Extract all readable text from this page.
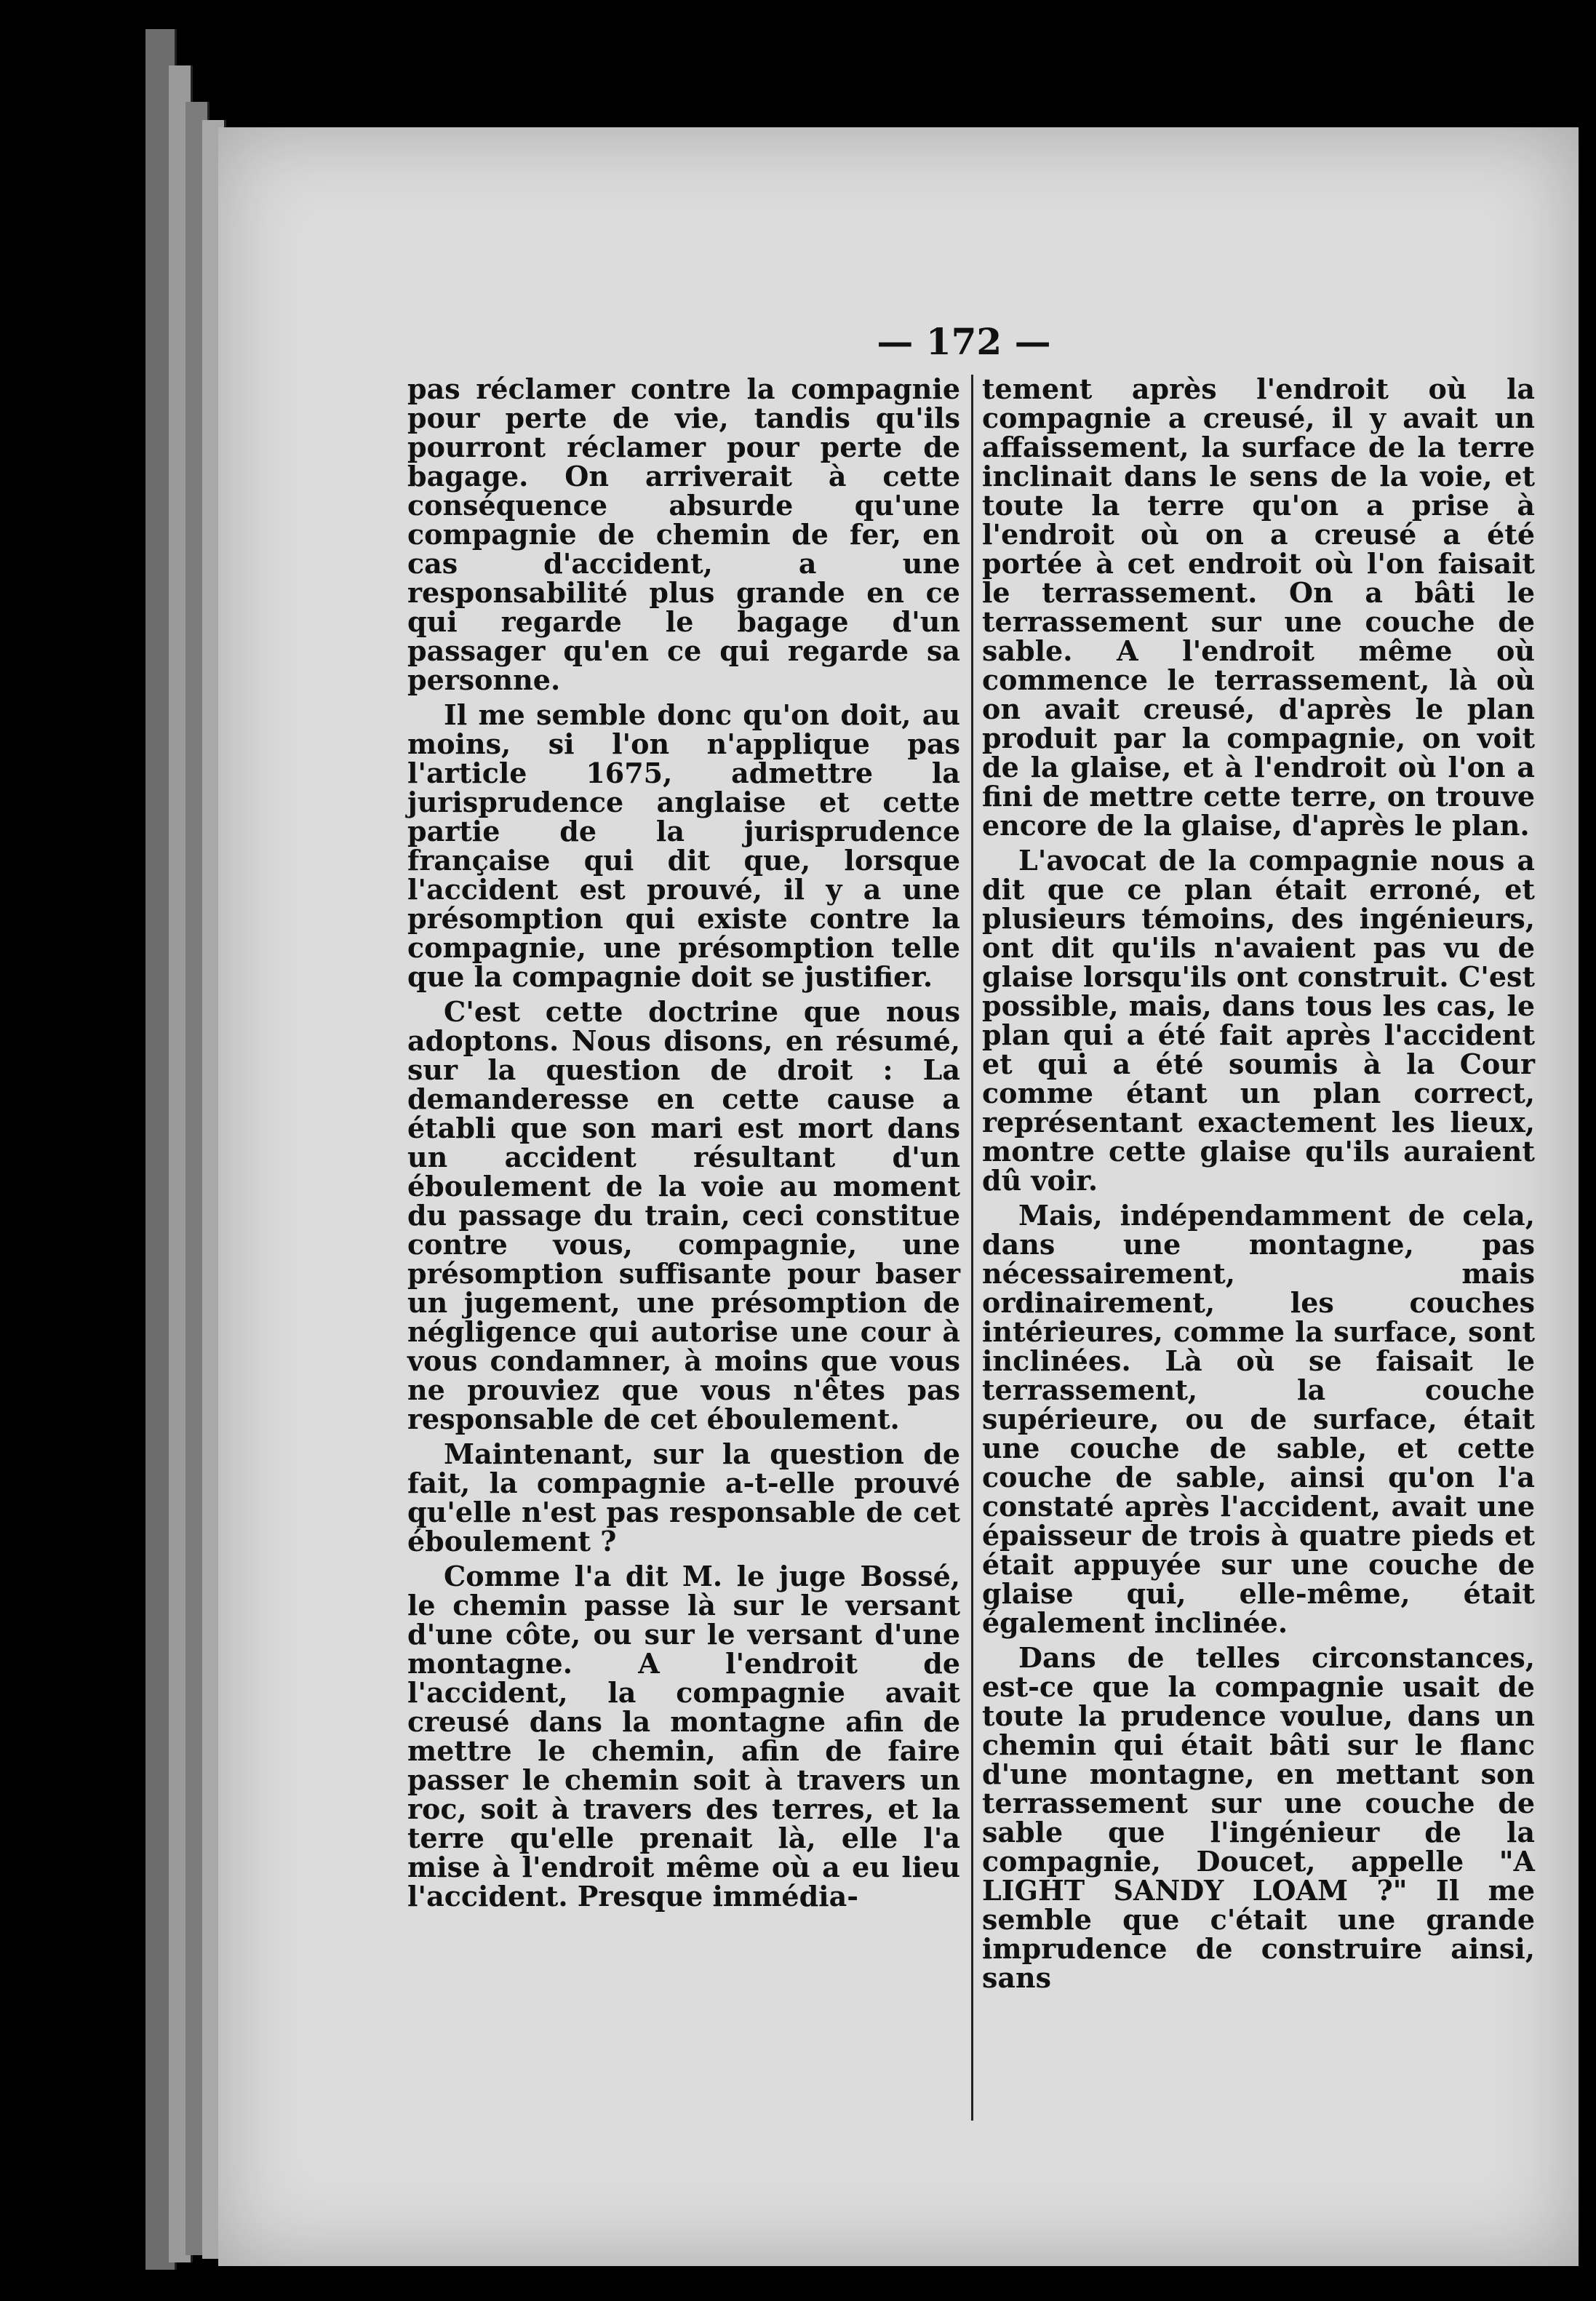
— 172 —

pas réclamer contre la compagnie pour perte de vie, tandis qu'ils pourront réclamer pour perte de bagage. On arriverait à cette conséquence absurde qu'une compagnie de chemin de fer, en cas d'accident, a une responsabilité plus grande en ce qui regarde le bagage d'un passager qu'en ce qui regarde sa personne.

Il me semble donc qu'on doit, au moins, si l'on n'applique pas l'article 1675, admettre la jurisprudence anglaise et cette partie de la jurisprudence française qui dit que, lorsque l'accident est prouvé, il y a une présomption qui existe contre la compagnie, une présomption telle que la compagnie doit se justifier.

C'est cette doctrine que nous adoptons. Nous disons, en résumé, sur la question de droit : La demanderesse en cette cause a établi que son mari est mort dans un accident résultant d'un éboulement de la voie au moment du passage du train, ceci constitue contre vous, compagnie, une présomption suffisante pour baser un jugement, une présomption de négligence qui autorise une cour à vous condamner, à moins que vous ne prouviez que vous n'êtes pas responsable de cet éboulement.

Maintenant, sur la question de fait, la compagnie a-t-elle prouvé qu'elle n'est pas responsable de cet éboulement ?

Comme l'a dit M. le juge Bossé, le chemin passe là sur le versant d'une côte, ou sur le versant d'une montagne. A l'endroit de l'accident, la compagnie avait creusé dans la montagne afin de mettre le chemin, afin de faire passer le chemin soit à travers un roc, soit à travers des terres, et la terre qu'elle prenait là, elle l'a mise à l'endroit même où a eu lieu l'accident. Presque immédia-

tement après l'endroit où la compagnie a creusé, il y avait un affaissement, la surface de la terre inclinait dans le sens de la voie, et toute la terre qu'on a prise à l'endroit où on a creusé a été portée à cet endroit où l'on faisait le terrassement. On a bâti le terrassement sur une couche de sable. A l'endroit même où commence le terrassement, là où on avait creusé, d'après le plan produit par la compagnie, on voit de la glaise, et à l'endroit où l'on a fini de mettre cette terre, on trouve encore de la glaise, d'après le plan.

L'avocat de la compagnie nous a dit que ce plan était erroné, et plusieurs témoins, des ingénieurs, ont dit qu'ils n'avaient pas vu de glaise lorsqu'ils ont construit. C'est possible, mais, dans tous les cas, le plan qui a été fait après l'accident et qui a été soumis à la Cour comme étant un plan correct, représentant exactement les lieux, montre cette glaise qu'ils auraient dû voir.

Mais, indépendamment de cela, dans une montagne, pas nécessairement, mais ordinairement, les couches intérieures, comme la surface, sont inclinées. Là où se faisait le terrassement, la couche supérieure, ou de surface, était une couche de sable, et cette couche de sable, ainsi qu'on l'a constaté après l'accident, avait une épaisseur de trois à quatre pieds et était appuyée sur une couche de glaise qui, elle-même, était également inclinée.

Dans de telles circonstances, est-ce que la compagnie usait de toute la prudence voulue, dans un chemin qui était bâti sur le flanc d'une montagne, en mettant son terrassement sur une couche de sable que l'ingénieur de la compagnie, Doucet, appelle "A LIGHT SANDY LOAM ?" Il me semble que c'était une grande imprudence de construire ainsi, sans
